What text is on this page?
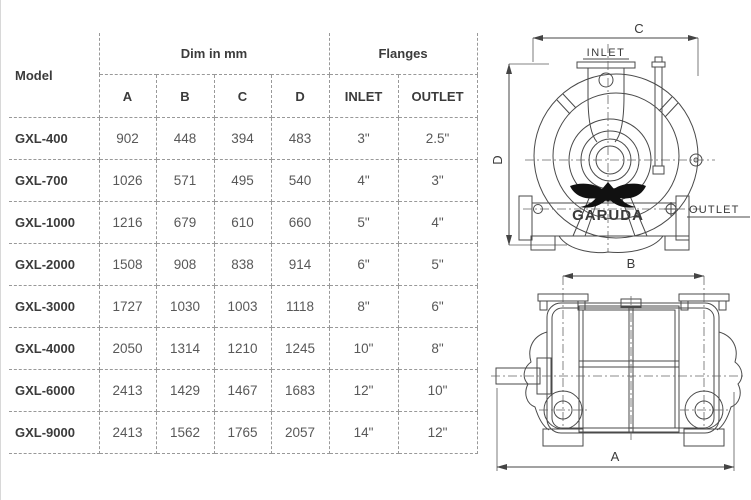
Model	Dim in mm				Flanges	
	A	B	C	D	INLET	OUTLET
GXL-400	902	448	394	483	3"	2.5"
GXL-700	1026	571	495	540	4"	3"
GXL-1000	1216	679	610	660	5"	4"
GXL-2000	1508	908	838	914	6"	5"
GXL-3000	1727	1030	1003	1118	8"	6"
GXL-4000	2050	1314	1210	1245	10"	8"
GXL-6000	2413	1429	1467	1683	12"	10"
GXL-9000	2413	1562	1765	2057	14"	12"
C
D
INLET
OUTLET
GARUDA
B
A
